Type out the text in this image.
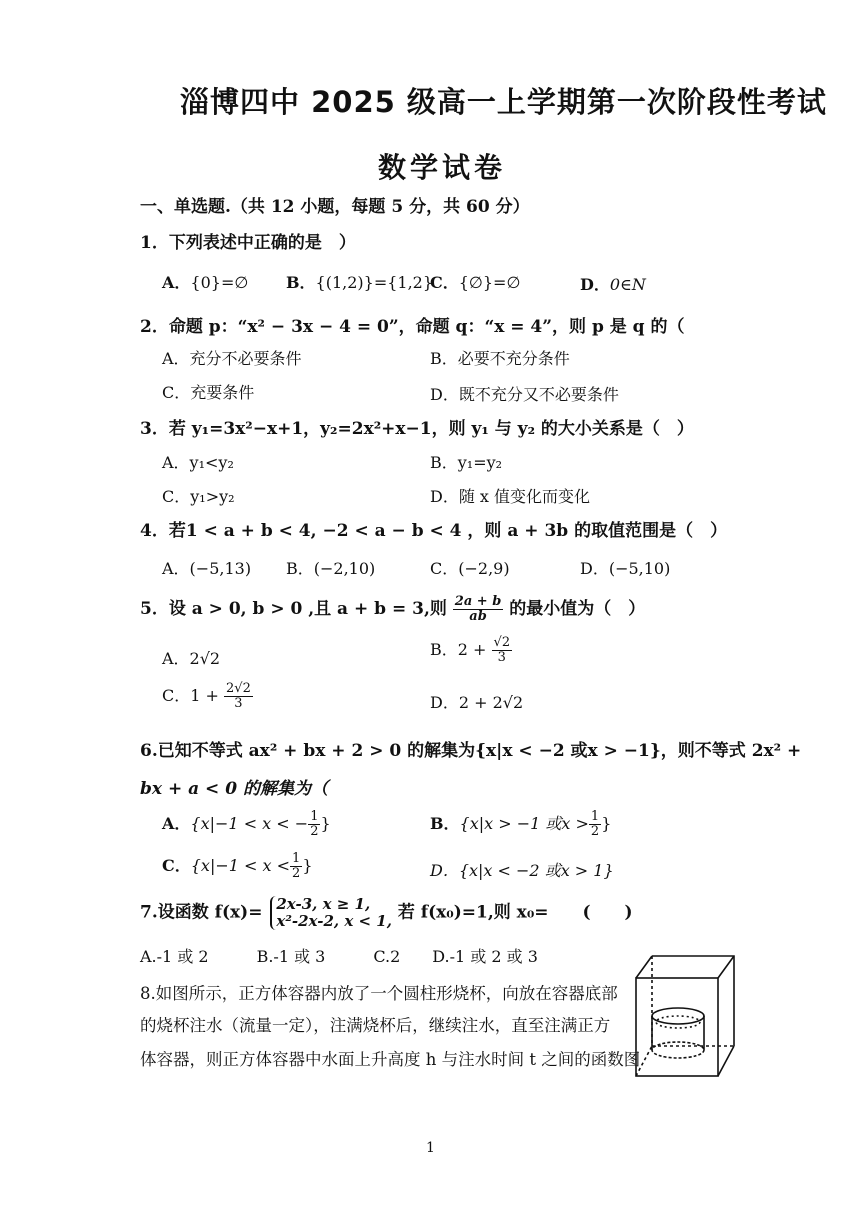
淄博四中 2025 级高一上学期第一次阶段性考试
数学试卷
一、单选题.（共 12 小题，每题 5 分，共 60 分）
1．下列表述中正确的是　）
A．{0}=∅ B．{(1,2)}={1,2}
C．{∅}=∅	D．0∈N
2．命题 p：“x² − 3x − 4 = 0”，命题 q：“x = 4”，则 p 是 q 的（
A．充分不必要条件	B．必要不充分条件
C．充要条件	D．既不充分又不必要条件
3．若 y₁=3x²−x+1，y₂=2x²+x−1，则 y₁ 与 y₂ 的大小关系是（　）
A．y₁<y₂	B．y₁=y₂
C．y₁>y₂	D．随 x 值变化而变化
4．若1 < a + b < 4, −2 < a − b < 4 ，则 a + 3b 的取值范围是（　）
A．(−5,13) B．(−2,10)	C．(−2,9)	D．(−5,10)
5．设 a > 0, b > 0 ,且 a + b = 3,则 $\frac{2a + b}{ab}$ 的最小值为（　）
A．2√2	B．$2 + \frac{√2}{3}$
C．$1 + \frac{2√2}{3}$	D．2 + 2√2
6.已知不等式 ax² + bx + 2 > 0 的解集为{x|x < −2 或x > −1}，则不等式 2x² +
bx + a < 0 的解集为（
A．{x|−1 < x < − $\frac{1}{2}$ }	B．{x|x > −1 或$x > \frac{1}{2}$ }
C．{$x|-1 < x < \frac{1}{2}$ }	D．{x|x < −2 或x > 1}
7.设函数 f(x)= 2x-3, x ≥ 1,
x²-2x-2, x < 1, 若 f(x₀)=1,则 x₀=　　(　　)
A.-1 或 2　　　B.-1 或 3　　　C.2　　D.-1 或 2 或 3
8.如图所示，正方体容器内放了一个圆柱形烧杯，向放在容器底部
的烧杯注水（流量一定），注满烧杯后，继续注水，直至注满正方
体容器，则正方体容器中水面上升高度 h 与注水时间 t 之间的函数图
1
